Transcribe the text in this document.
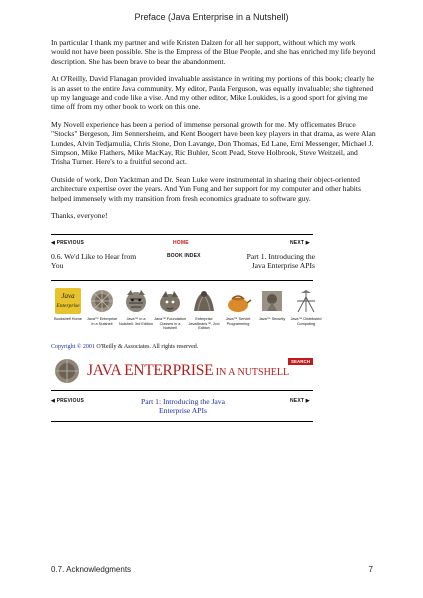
Preface (Java Enterprise in a Nutshell)

In particular I thank my partner and wife Kristen Dalzen for all her support, without which my work would not have been possible. She is the Empress of the Blue People, and she has enriched my life beyond description. She has been brave to bear the abandonment.

At O'Reilly, David Flanagan provided invaluable assistance in writing my portions of this book; clearly he is an asset to the entire Java community. My editor, Paula Ferguson, was equally invaluable; she tightened up my language and code like a vise. And my other editor, Mike Loukides, is a good sport for giving me time off from my other book to work on this one.

My Novell experience has been a period of immense personal growth for me. My officemates Bruce "Stocks" Bergeson, Jim Sennersheim, and Kent Boogert have been key players in that drama, as were Alan Lundes, Alvin Tedjamulia, Chris Stone, Don Lavange, Don Thomas, Ed Lane, Erni Messenger, Michael J. Simpson, Mike Flathers, Mike MacKay, Ric Buhler, Scott Pead, Steve Holbrook, Steve Weitzeil, and Trisha Turner. Here's to a fruitful second act.

Outside of work, Don Yacktman and Dr. Sean Luke were instrumental in sharing their object-oriented architecture expertise over the years. And Yun Fung and her support for my computer and other habits helped immensely with my transition from fresh economics graduate to software guy.

Thanks, everyone!

◀ PREVIOUS	HOME	NEXT ▶
BOOK INDEX
0.6. We'd Like to Hear from You
Part 1. Introducing the Java Enterprise APIs
Java
Enterprise
Bookshelf Home	Java™ Enterprise in a Nutshell
Java™ in a Nutshell, 3rd Edition
Java™ Foundation Classes in a Nutshell
Enterprise JavaBeans™, 2nd Edition
Java™ Servlet Programming
Java™ Security	Java™ Distributed Computing
Copyright © 2001 O'Reilly & Associates. All rights reserved.
JAVA ENTERPRISE IN A NUTSHELL
SEARCH
◀ PREVIOUS	NEXT ▶
Part 1: Introducing the Java Enterprise APIs
0.7. Acknowledgments	7
